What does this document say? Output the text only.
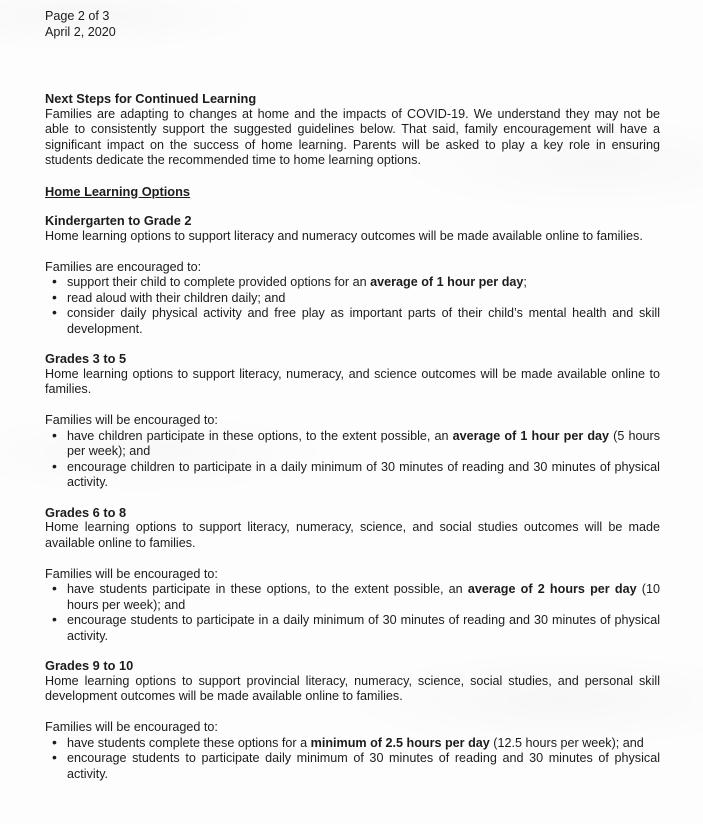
Page 2 of 3
April 2, 2020
Next Steps for Continued Learning

Families are adapting to changes at home and the impacts of COVID-19. We understand they may not be able to consistently support the suggested guidelines below. That said, family encouragement will have a significant impact on the success of home learning. Parents will be asked to play a key role in ensuring students dedicate the recommended time to home learning options.

Home Learning Options
Kindergarten to Grade 2

Home learning options to support literacy and numeracy outcomes will be made available online to families.

Families are encouraged to:

• support their child to complete provided options for an average of 1 hour per day;
• read aloud with their children daily; and
• consider daily physical activity and free play as important parts of their child’s mental health and skill development.
Grades 3 to 5

Home learning options to support literacy, numeracy, and science outcomes will be made available online to families.

Families will be encouraged to:

• have children participate in these options, to the extent possible, an average of 1 hour per day (5 hours per week); and
• encourage children to participate in a daily minimum of 30 minutes of reading and 30 minutes of physical activity.
Grades 6 to 8

Home learning options to support literacy, numeracy, science, and social studies outcomes will be made available online to families.

Families will be encouraged to:

• have students participate in these options, to the extent possible, an average of 2 hours per day (10 hours per week); and
• encourage students to participate in a daily minimum of 30 minutes of reading and 30 minutes of physical activity.
Grades 9 to 10

Home learning options to support provincial literacy, numeracy, science, social studies, and personal skill development outcomes will be made available online to families.

Families will be encouraged to:

• have students complete these options for a minimum of 2.5 hours per day (12.5 hours per week); and
• encourage students to participate daily minimum of 30 minutes of reading and 30 minutes of physical activity.
